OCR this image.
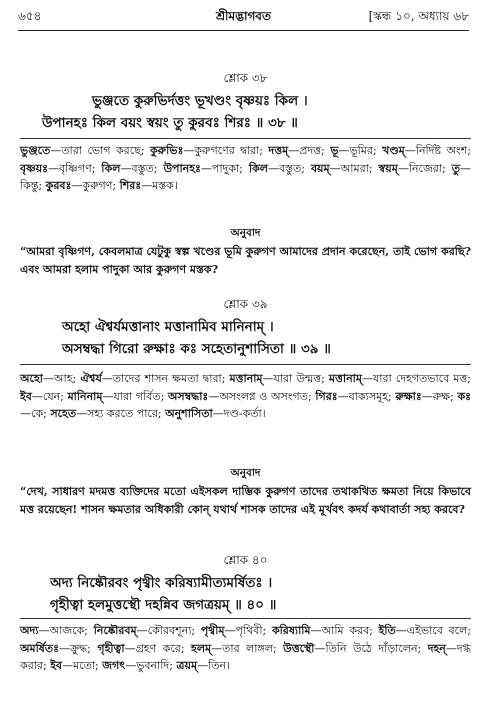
৬৫৪	শ্রীমদ্ভাগবত	[স্কন্ধ ১০, অধ্যায় ৬৮
শ্লোক ৩৮
ভুঞ্জতে কুরুভির্দত্তং ভূখণ্ডং বৃষ্ণয়ঃ কিল ।
উপানহঃ কিল বয়ং স্বয়ং তু কুরবঃ শিরঃ ॥ ৩৮ ॥
ভুঞ্জতে—তারা ভোগ করছে; কুরুভিঃ—কুরুগণের দ্বারা; দত্তম্—প্রদত্ত; ভূ—ভূমির; খণ্ডম্—নির্দিষ্ট অংশ; বৃষ্ণয়ঃ—বৃষ্ণিগণ; কিল—বস্তুত; উপানহঃ—পাদুকা; কিল—বস্তুত; বয়ম্—আমরা; স্বয়ম্—নিজেরা; তু—কিন্তু; কুরবঃ—কুরুগণ; শিরঃ—মস্তক।
অনুবাদ
“আমরা বৃষ্ণিগণ, কেবলমাত্র যেটুকু স্বল্প খণ্ডের ভূমি কুরুগণ আমাদের প্রদান করেছেন, তাই ভোগ করছি? এবং আমরা হলাম পাদুকা আর কুরুগণ মস্তক?
শ্লোক ৩৯
অহো ঐশ্বর্যমত্তানাং মত্তানামিব মানিনাম্ ।
অসম্বদ্ধা গিরো রুক্ষাঃ কঃ সহেতানুশাসিতা ॥ ৩৯ ॥
অহো—আহ; ঐশ্বর্য—তাদের শাসন ক্ষমতা দ্বারা; মত্তানাম্—যারা উন্মত্ত; মত্তানাম্—যারা দেহগতভাবে মত্ত; ইব—যেন; মানিনাম্—যারা গর্বিত; অসম্বদ্ধাঃ—অসংলগ্ন ও অসংগত; গিরঃ—বাক্যসমূহ; রুক্ষাঃ—রুক্ষ; কঃ—কে; সহেত—সহ্য করতে পারে; অনুশাসিতা—দণ্ড-কর্তা।
অনুবাদ
“দেখ, সাধারণ মদমত্ত ব্যক্তিদের মতো এইসকল দাম্ভিক কুরুগণ তাদের তথাকথিত ক্ষমতা নিয়ে কিভাবে মত্ত রয়েছেন! শাসন ক্ষমতার অধিকারী কোন্ যথার্থ শাসক তাদের এই মূর্খবৎ কদর্য কথাবার্তা সহ্য করবে?
শ্লোক ৪০
অদ্য নিষ্কৌরবং পৃথ্বীং করিষ্যামীত্যমর্ষিতঃ ।
গৃহীত্বা হলমুত্তস্থৌ দহন্নিব জগত্রয়ম্ ॥ ৪০ ॥
অদ্য—আজকে; নিষ্কৌরবম্—কৌরবশূন্য; পৃথ্বীম্—পৃথিবী; করিষ্যামি—আমি করব; ইতি—এইভাবে বলে; অমর্ষিতঃ—ক্রুদ্ধ; গৃহীত্বা—গ্রহণ করে; হলম্—তার লাঙ্গল; উত্তস্থৌ—তিনি উঠে দাঁড়ালেন; দহন্—দগ্ধ করার; ইব—মতো; জগৎ—ভুবনাদি; ত্রয়ম্—তিন।
